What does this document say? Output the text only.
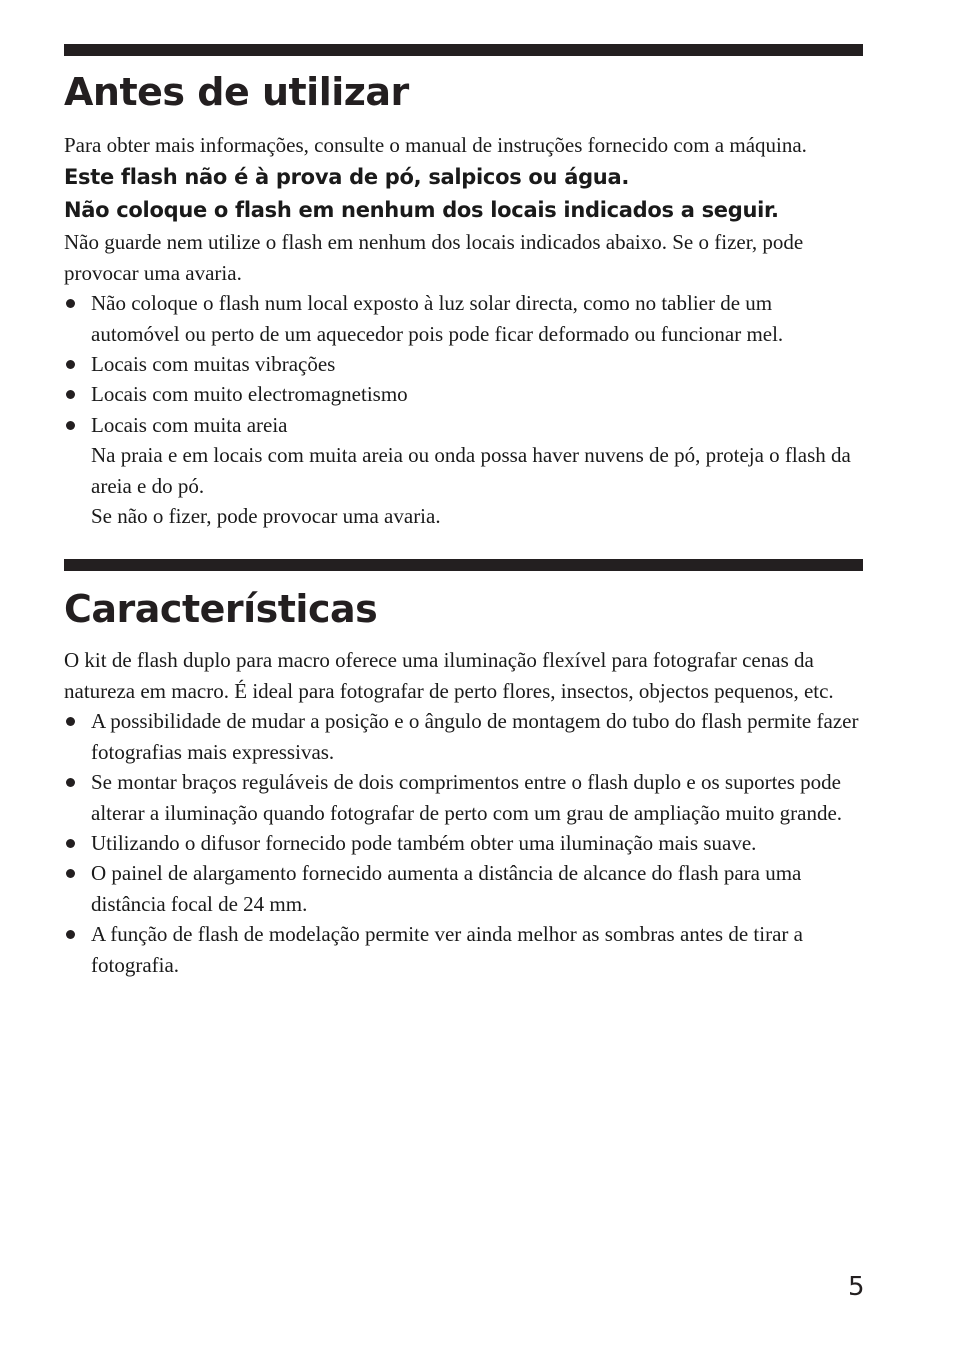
Antes de utilizar

Para obter mais informações, consulte o manual de instruções fornecido com a máquina.

Este flash não é à prova de pó, salpicos ou água.

Não coloque o flash em nenhum dos locais indicados a seguir.

Não guarde nem utilize o flash em nenhum dos locais indicados abaixo. Se o fizer, pode provocar uma avaria.

Não coloque o flash num local exposto à luz solar directa, como no tablier de um automóvel ou perto de um aquecedor pois pode ficar deformado ou funcionar mel.
Locais com muitas vibrações
Locais com muito electromagnetismo
Locais com muita areia
Na praia e em locais com muita areia ou onda possa haver nuvens de pó, proteja o flash da areia e do pó.
Se não o fizer, pode provocar uma avaria.
Características

O kit de flash duplo para macro oferece uma iluminação flexível para fotografar cenas da natureza em macro. É ideal para fotografar de perto flores, insectos, objectos pequenos, etc.

A possibilidade de mudar a posição e o ângulo de montagem do tubo do flash permite fazer fotografias mais expressivas.
Se montar braços reguláveis de dois comprimentos entre o flash duplo e os suportes pode alterar a iluminação quando fotografar de perto com um grau de ampliação muito grande.
Utilizando o difusor fornecido pode também obter uma iluminação mais suave.
O painel de alargamento fornecido aumenta a distância de alcance do flash para uma distância focal de 24 mm.
A função de flash de modelação permite ver ainda melhor as sombras antes de tirar a fotografia.
5
